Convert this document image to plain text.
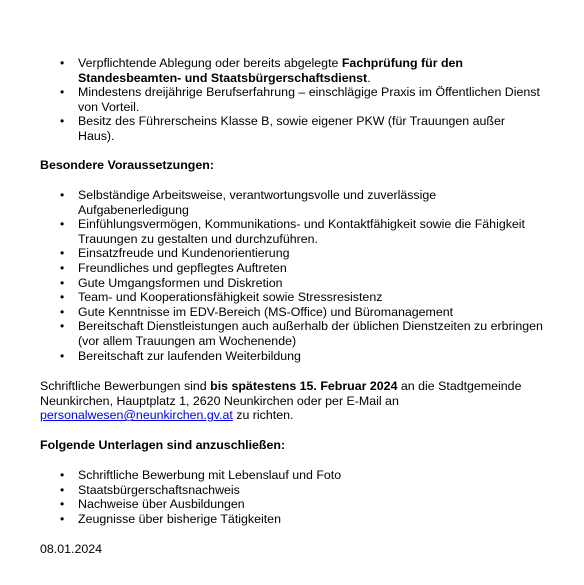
• Verpflichtende Ablegung oder bereits abgelegte Fachprüfung für den Standesbeamten- und Staatsbürgerschaftsdienst.
• Mindestens dreijährige Berufserfahrung – einschlägige Praxis im Öffentlichen Dienst von Vorteil.
• Besitz des Führerscheins Klasse B, sowie eigener PKW (für Trauungen außer Haus).
Besondere Voraussetzungen:
• Selbständige Arbeitsweise, verantwortungsvolle und zuverlässige Aufgabenerledigung
• Einfühlungsvermögen, Kommunikations- und Kontaktfähigkeit sowie die Fähigkeit Trauungen zu gestalten und durchzuführen.
• Einsatzfreude und Kundenorientierung
• Freundliches und gepflegtes Auftreten
• Gute Umgangsformen und Diskretion
• Team- und Kooperationsfähigkeit sowie Stressresistenz
• Gute Kenntnisse im EDV-Bereich (MS-Office) und Büromanagement
• Bereitschaft Dienstleistungen auch außerhalb der üblichen Dienstzeiten zu erbringen (vor allem Trauungen am Wochenende)
• Bereitschaft zur laufenden Weiterbildung
Schriftliche Bewerbungen sind bis spätestens 15. Februar 2024 an die Stadtgemeinde Neunkirchen, Hauptplatz 1, 2620 Neunkirchen oder per E-Mail an
personalwesen@neunkirchen.gv.at zu richten.
Folgende Unterlagen sind anzuschließen:
• Schriftliche Bewerbung mit Lebenslauf und Foto
• Staatsbürgerschaftsnachweis
• Nachweise über Ausbildungen
• Zeugnisse über bisherige Tätigkeiten
08.01.2024
